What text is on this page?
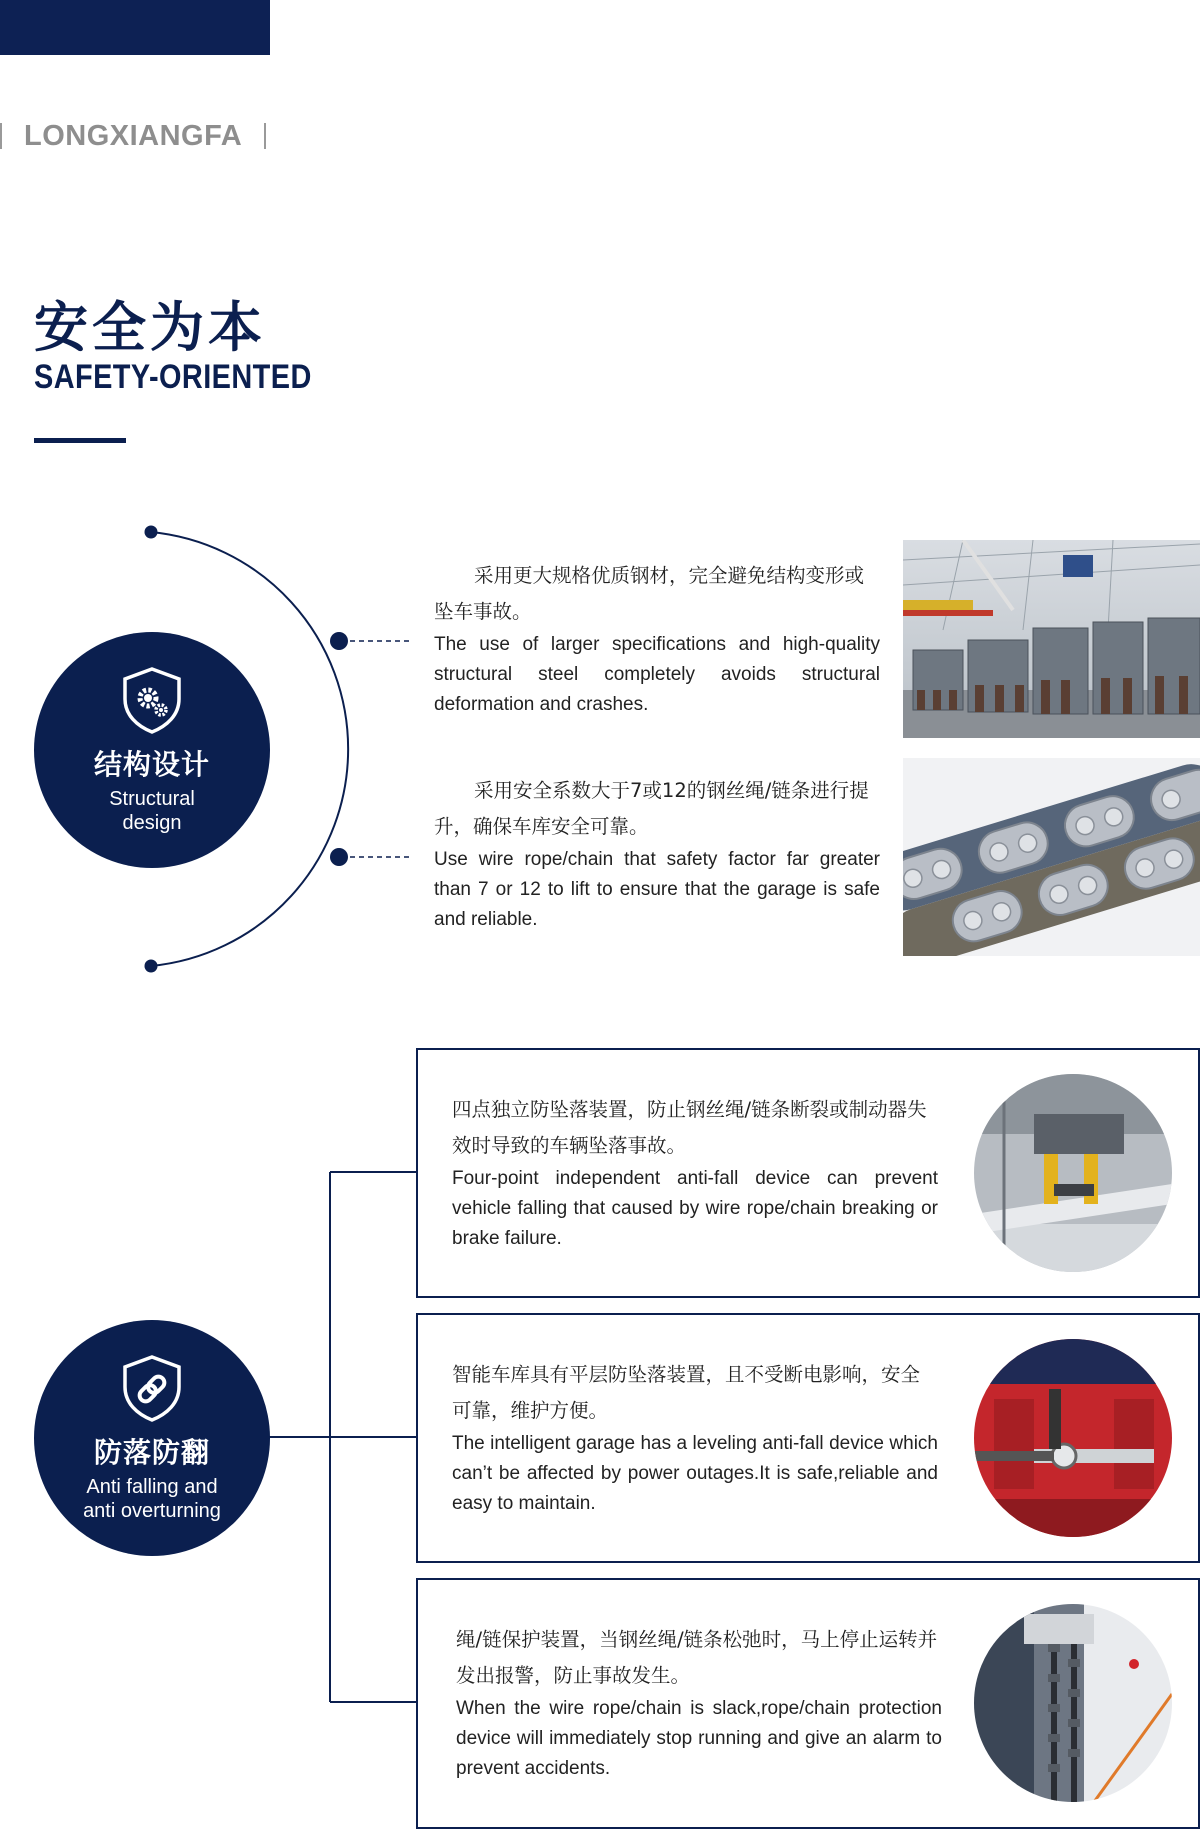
LONGXIANGFA
安全为本
SAFETY-ORIENTED
结构设计
Structural
design
采用更大规格优质钢材，完全避免结构变形或坠车事故。
The use of larger specifications and high-quality structural steel completely avoids structural deformation and crashes.
采用安全系数大于7或12的钢丝绳/链条进行提升，确保车库安全可靠。
Use wire rope/chain that safety factor far greater than 7 or 12 to lift to ensure that the garage is safe and reliable.
防落防翻
Anti falling and
anti overturning
四点独立防坠落装置，防止钢丝绳/链条断裂或制动器失效时导致的车辆坠落事故。
Four-point independent anti-fall device can prevent vehicle falling that caused by wire rope/chain breaking or brake failure.
智能车库具有平层防坠落装置，且不受断电影响，安全可靠，维护方便。
The intelligent garage has a leveling anti-fall device which can’t be affected by power outages.It is safe,reliable and easy to maintain.
绳/链保护装置，当钢丝绳/链条松弛时，马上停止运转并发出报警，防止事故发生。
When the wire rope/chain is slack,rope/chain protection device will immediately stop running and give an alarm to prevent accidents.
